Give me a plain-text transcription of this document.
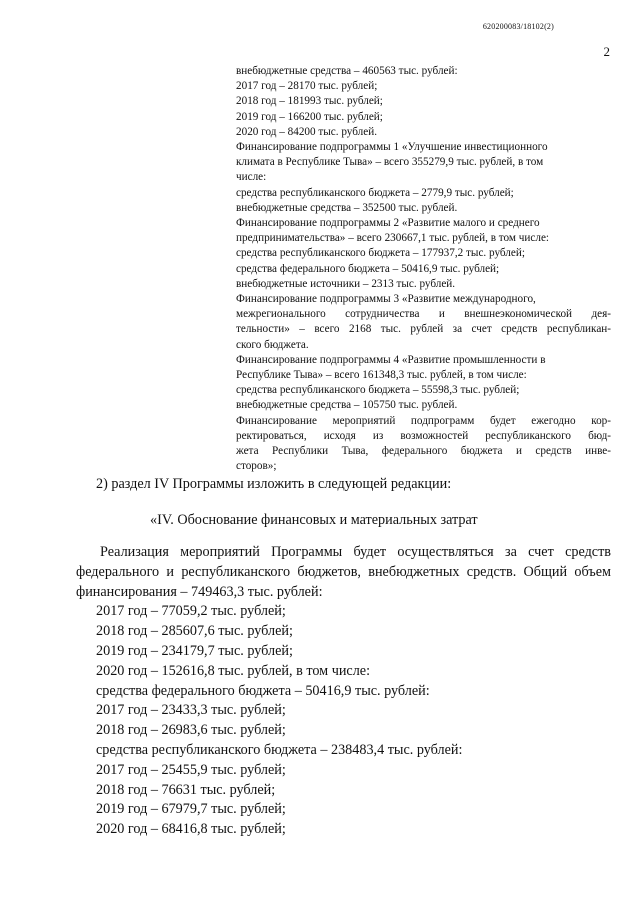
620200083/18102(2)
2
внебюджетные средства – 460563 тыс. рублей:
2017 год – 28170 тыс. рублей;
2018 год – 181993 тыс. рублей;
2019 год – 166200 тыс. рублей;
2020 год – 84200 тыс. рублей.
Финансирование подпрограммы 1 «Улучшение инвестиционного
климата в Республике Тыва» – всего 355279,9 тыс. рублей, в том
числе:
средства республиканского бюджета – 2779,9 тыс. рублей;
внебюджетные средства – 352500 тыс. рублей.
Финансирование подпрограммы 2 «Развитие малого и среднего
предпринимательства» – всего 230667,1 тыс. рублей, в том числе:
средства республиканского бюджета – 177937,2 тыс. рублей;
средства федерального бюджета – 50416,9 тыс. рублей;
внебюджетные источники – 2313 тыс. рублей.
Финансирование подпрограммы 3 «Развитие международного,
межрегионального сотрудничества и внешнеэкономической дея-
тельности» – всего 2168 тыс. рублей за счет средств республикан-
ского бюджета.
Финансирование подпрограммы 4 «Развитие промышленности в
Республике Тыва» – всего 161348,3 тыс. рублей, в том числе:
средства республиканского бюджета – 55598,3 тыс. рублей;
внебюджетные средства – 105750 тыс. рублей.
Финансирование мероприятий подпрограмм будет ежегодно кор-
ректироваться, исходя из возможностей республиканского бюд-
жета Республики Тыва, федерального бюджета и средств инве-
сторов»;
2) раздел IV Программы изложить в следующей редакции:
«IV. Обоснование финансовых и материальных затрат
Реализация мероприятий Программы будет осуществляться за счет средств
федерального и республиканского бюджетов, внебюджетных средств. Общий объем
финансирования – 749463,3 тыс. рублей:
2017 год – 77059,2 тыс. рублей;
2018 год – 285607,6 тыс. рублей;
2019 год – 234179,7 тыс. рублей;
2020 год – 152616,8 тыс. рублей, в том числе:
средства федерального бюджета – 50416,9 тыс. рублей:
2017 год – 23433,3 тыс. рублей;
2018 год – 26983,6 тыс. рублей;
средства республиканского бюджета – 238483,4 тыс. рублей:
2017 год – 25455,9 тыс. рублей;
2018 год – 76631 тыс. рублей;
2019 год – 67979,7 тыс. рублей;
2020 год – 68416,8 тыс. рублей;
